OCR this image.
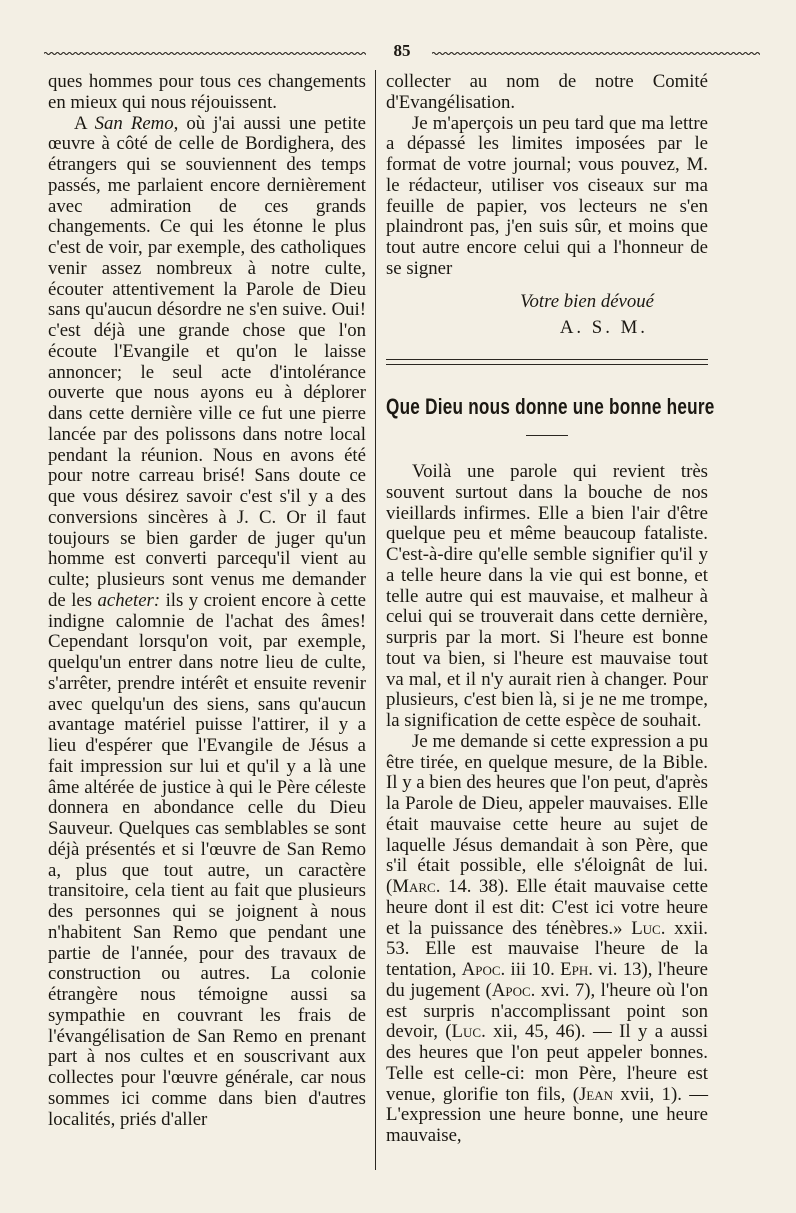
85

ques hommes pour tous ces changements en mieux qui nous réjouissent.

A San Remo, où j'ai aussi une petite œuvre à côté de celle de Bordighera, des étrangers qui se souviennent des temps passés, me parlaient encore dernièrement avec admiration de ces grands changements. Ce qui les étonne le plus c'est de voir, par exemple, des catholiques venir assez nombreux à notre culte, écouter attentivement la Parole de Dieu sans qu'aucun désordre ne s'en suive. Oui! c'est déjà une grande chose que l'on écoute l'Evangile et qu'on le laisse annoncer; le seul acte d'intolérance ouverte que nous ayons eu à déplorer dans cette dernière ville ce fut une pierre lancée par des polissons dans notre local pendant la réunion. Nous en avons été pour notre carreau brisé! Sans doute ce que vous désirez savoir c'est s'il y a des conversions sincères à J. C. Or il faut toujours se bien garder de juger qu'un homme est converti parcequ'il vient au culte; plusieurs sont venus me demander de les acheter: ils y croient encore à cette indigne calomnie de l'achat des âmes! Cependant lorsqu'on voit, par exemple, quelqu'un entrer dans notre lieu de culte, s'arrêter, prendre intérêt et ensuite revenir avec quelqu'un des siens, sans qu'aucun avantage matériel puisse l'attirer, il y a lieu d'espérer que l'Evangile de Jésus a fait impression sur lui et qu'il y a là une âme altérée de justice à qui le Père céleste donnera en abondance celle du Dieu Sauveur. Quelques cas semblables se sont déjà présentés et si l'œuvre de San Remo a, plus que tout autre, un caractère transitoire, cela tient au fait que plusieurs des personnes qui se joignent à nous n'habitent San Remo que pendant une partie de l'année, pour des travaux de construction ou autres. La colonie étrangère nous témoigne aussi sa sympathie en couvrant les frais de l'évangélisation de San Remo en prenant part à nos cultes et en souscrivant aux collectes pour l'œuvre générale, car nous sommes ici comme dans bien d'autres localités, priés d'aller

collecter au nom de notre Comité d'Evangélisation.

Je m'aperçois un peu tard que ma lettre a dépassé les limites imposées par le format de votre journal; vous pouvez, M. le rédacteur, utiliser vos ciseaux sur ma feuille de papier, vos lecteurs ne s'en plaindront pas, j'en suis sûr, et moins que tout autre encore celui qui a l'honneur de se signer

Votre bien dévoué
A. S. M.
Que Dieu nous donne une bonne heure

Voilà une parole qui revient très souvent surtout dans la bouche de nos vieillards infirmes. Elle a bien l'air d'être quelque peu et même beaucoup fataliste. C'est-à-dire qu'elle semble signifier qu'il y a telle heure dans la vie qui est bonne, et telle autre qui est mauvaise, et malheur à celui qui se trouverait dans cette dernière, surpris par la mort. Si l'heure est bonne tout va bien, si l'heure est mauvaise tout va mal, et il n'y aurait rien à changer. Pour plusieurs, c'est bien là, si je ne me trompe, la signification de cette espèce de souhait.

Je me demande si cette expression a pu être tirée, en quelque mesure, de la Bible. Il y a bien des heures que l'on peut, d'après la Parole de Dieu, appeler mauvaises. Elle était mauvaise cette heure au sujet de laquelle Jésus demandait à son Père, que s'il était possible, elle s'éloignât de lui. (Marc. 14. 38). Elle était mauvaise cette heure dont il est dit: C'est ici votre heure et la puissance des ténèbres.» Luc. xxii. 53. Elle est mauvaise l'heure de la tentation, Apoc. iii 10. Eph. vi. 13), l'heure du jugement (Apoc. xvi. 7), l'heure où l'on est surpris n'accomplissant point son devoir, (Luc. xii, 45, 46). — Il y a aussi des heures que l'on peut appeler bonnes. Telle est celle-ci: mon Père, l'heure est venue, glorifie ton fils, (Jean xvii, 1). — L'expression une heure bonne, une heure mauvaise,
